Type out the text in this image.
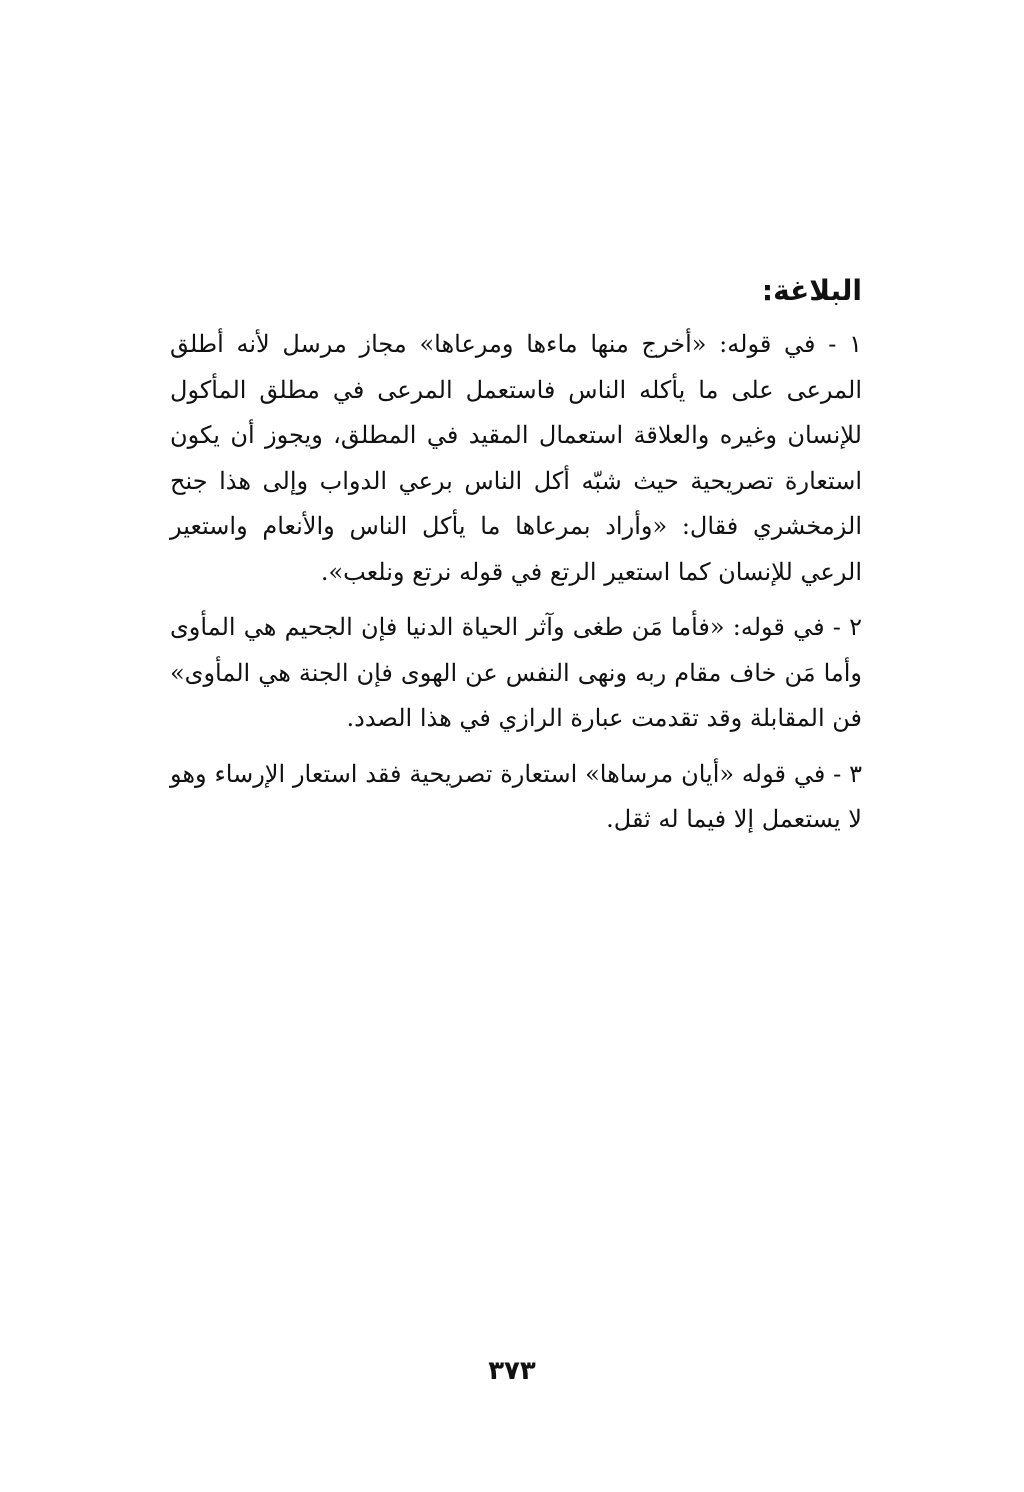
البلاغة:

١ - في قوله: «أخرج منها ماءها ومرعاها» مجاز مرسل لأنه أطلق المرعى على ما يأكله الناس فاستعمل المرعى في مطلق المأكول للإنسان وغيره والعلاقة استعمال المقيد في المطلق، ويجوز أن يكون استعارة تصريحية حيث شبّه أكل الناس برعي الدواب وإلى هذا جنح الزمخشري فقال: «وأراد بمرعاها ما يأكل الناس والأنعام واستعير الرعي للإنسان كما استعير الرتع في قوله نرتع ونلعب».

٢ - في قوله: «فأما مَن طغى وآثر الحياة الدنيا فإن الجحيم هي المأوى وأما مَن خاف مقام ربه ونهى النفس عن الهوى فإن الجنة هي المأوى» فن المقابلة وقد تقدمت عبارة الرازي في هذا الصدد.

٣ - في قوله «أيان مرساها» استعارة تصريحية فقد استعار الإرساء وهو لا يستعمل إلا فيما له ثقل.

٣٧٣
